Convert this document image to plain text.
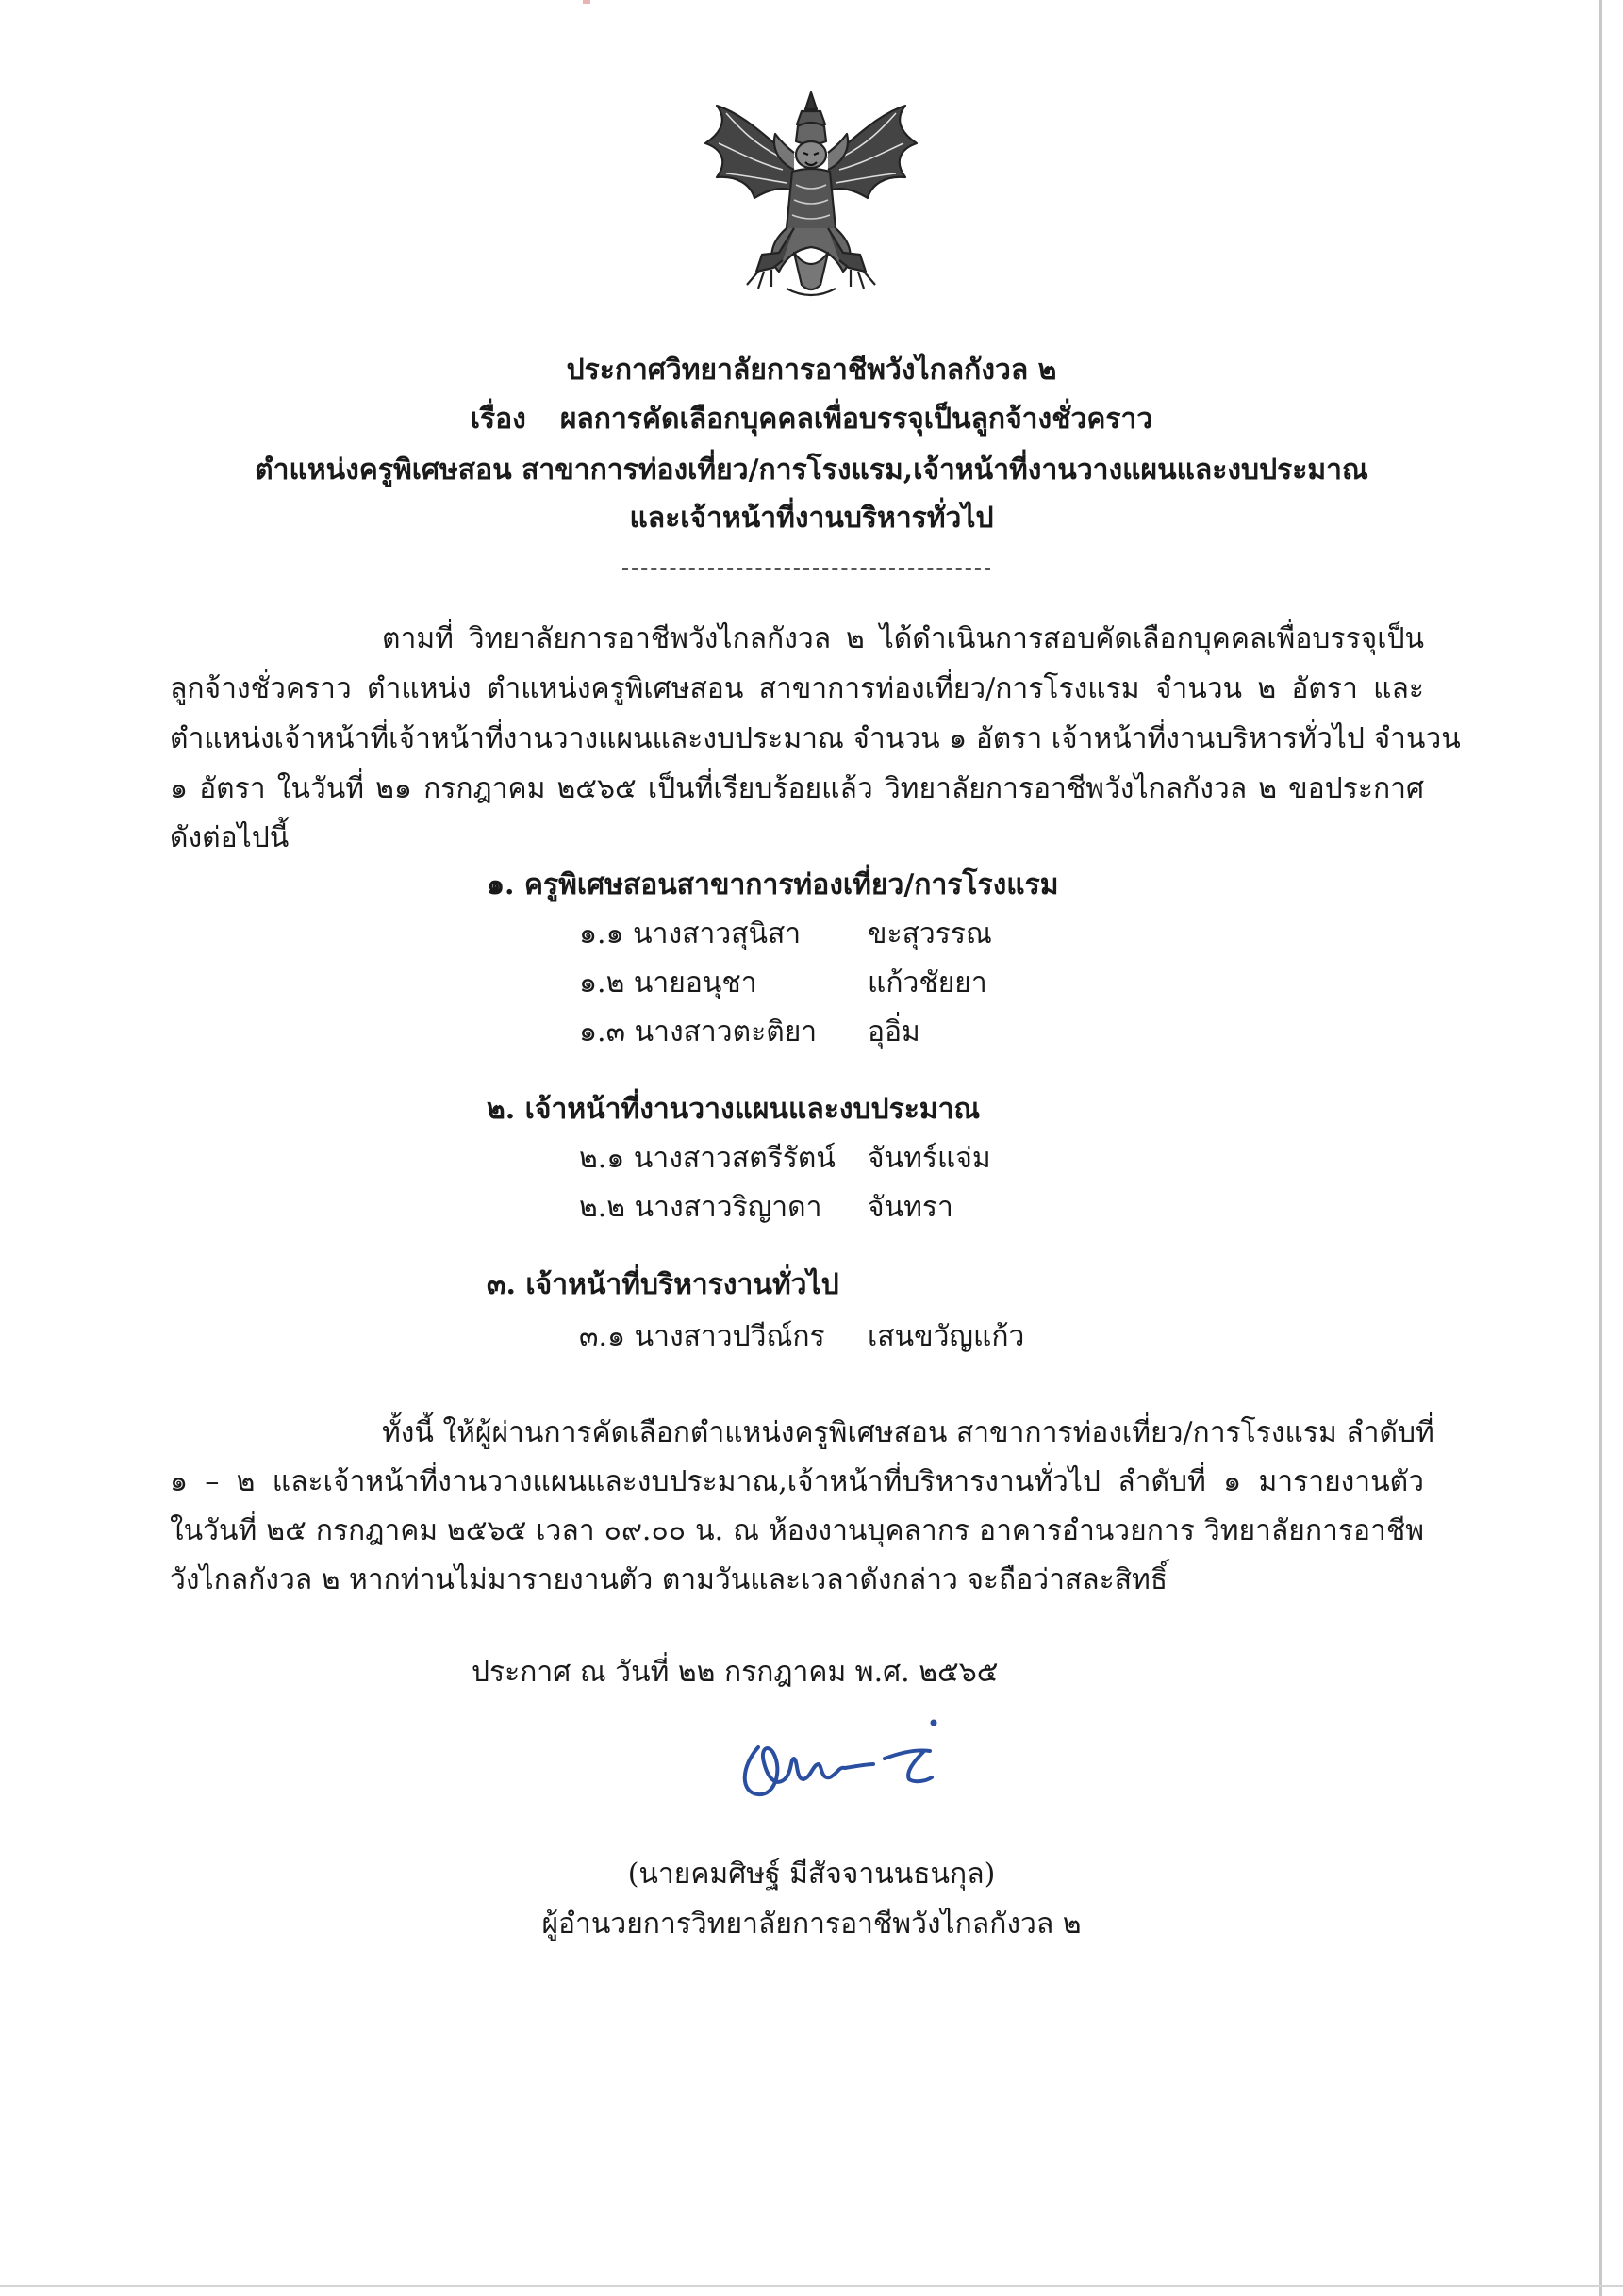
ประกาศวิทยาลัยการอาชีพวังไกลกังวล ๒
เรื่อง ผลการคัดเลือกบุคคลเพื่อบรรจุเป็นลูกจ้างชั่วคราว
ตำแหน่งครูพิเศษสอน สาขาการท่องเที่ยว/การโรงแรม,เจ้าหน้าที่งานวางแผนและงบประมาณ
และเจ้าหน้าที่งานบริหารทั่วไป
ตามที่ วิทยาลัยการอาชีพวังไกลกังวล ๒ ได้ดำเนินการสอบคัดเลือกบุคคลเพื่อบรรจุเป็น
ลูกจ้างชั่วคราว ตำแหน่ง ตำแหน่งครูพิเศษสอน สาขาการท่องเที่ยว/การโรงแรม จำนวน ๒ อัตรา และ
ตำแหน่งเจ้าหน้าที่เจ้าหน้าที่งานวางแผนและงบประมาณ จำนวน ๑ อัตรา เจ้าหน้าที่งานบริหารทั่วไป จำนวน
๑ อัตรา ในวันที่ ๒๑ กรกฎาคม ๒๕๖๕ เป็นที่เรียบร้อยแล้ว วิทยาลัยการอาชีพวังไกลกังวล ๒ ขอประกาศ
ดังต่อไปนี้
๑. ครูพิเศษสอนสาขาการท่องเที่ยว/การโรงแรม
๑.๑ นางสาวสุนิสา ขะสุวรรณ
๑.๒ นายอนุชา	แก้วชัยยา
๑.๓ นางสาวตะติยา อุอิ่ม
๒. เจ้าหน้าที่งานวางแผนและงบประมาณ
๒.๑ นางสาวสตรีรัตน์ จันทร์แจ่ม
๒.๒ นางสาวริญาดา จันทรา
๓. เจ้าหน้าที่บริหารงานทั่วไป
๓.๑ นางสาวปวีณ์กร เสนขวัญแก้ว
ทั้งนี้ ให้ผู้ผ่านการคัดเลือกตำแหน่งครูพิเศษสอน สาขาการท่องเที่ยว/การโรงแรม ลำดับที่
๑ – ๒ และเจ้าหน้าที่งานวางแผนและงบประมาณ,เจ้าหน้าที่บริหารงานทั่วไป ลำดับที่ ๑ มารายงานตัว
ในวันที่ ๒๕ กรกฎาคม ๒๕๖๕ เวลา ๐๙.๐๐ น. ณ ห้องงานบุคลากร อาคารอำนวยการ วิทยาลัยการอาชีพ
วังไกลกังวล ๒ หากท่านไม่มารายงานตัว ตามวันและเวลาดังกล่าว จะถือว่าสละสิทธิ์
ประกาศ ณ วันที่ ๒๒ กรกฎาคม พ.ศ. ๒๕๖๕
(นายคมศิษฐ์ มีสัจจานนธนกุล)
ผู้อำนวยการวิทยาลัยการอาชีพวังไกลกังวล ๒
